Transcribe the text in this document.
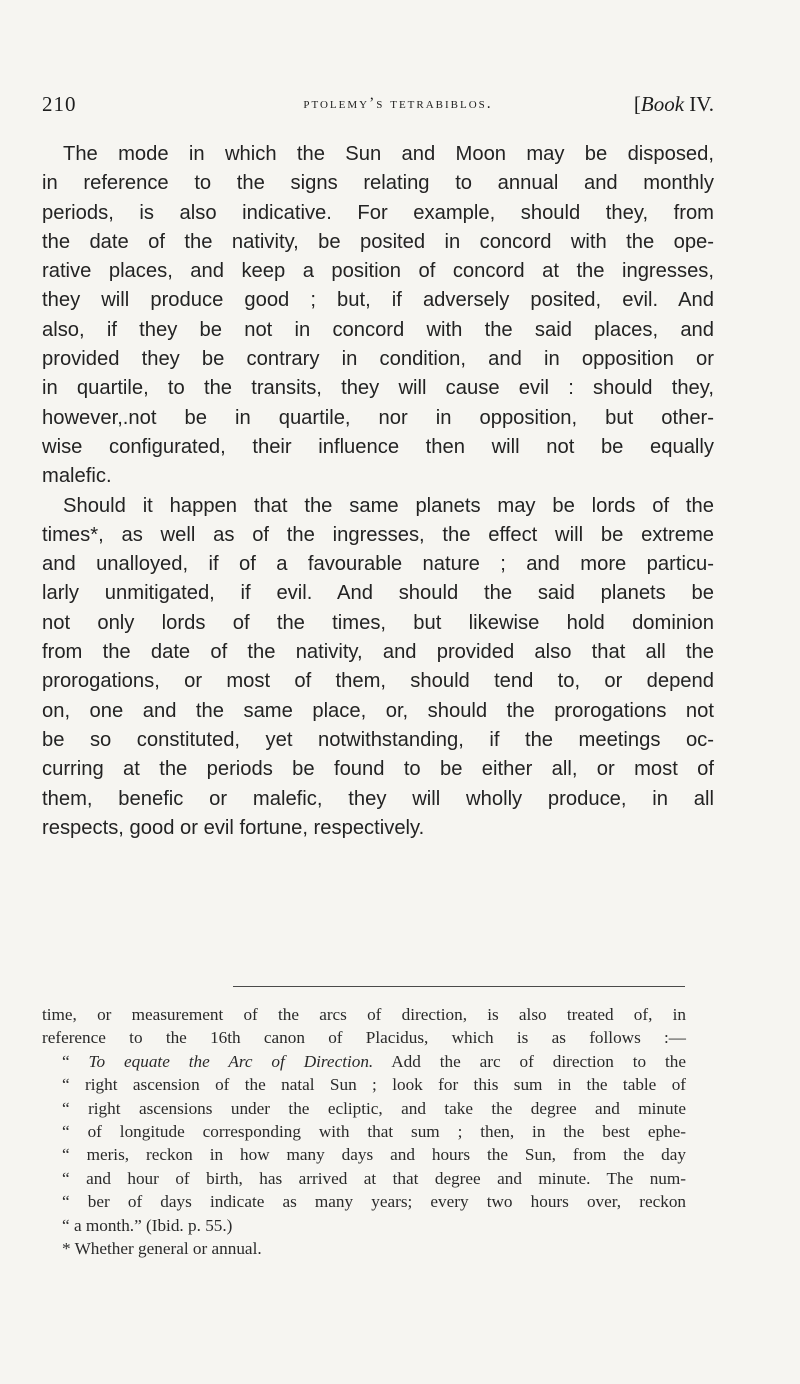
210	ptolemy’s tetrabiblos.	[Book IV.
The mode in which the Sun and Moon may be disposed,
in reference to the signs relating to annual and monthly
periods, is also indicative. For example, should they, from
the date of the nativity, be posited in concord with the ope-
rative places, and keep a position of concord at the ingresses,
they will produce good ; but, if adversely posited, evil. And
also, if they be not in concord with the said places, and
provided they be contrary in condition, and in opposition or
in quartile, to the transits, they will cause evil : should they,
however,.not be in quartile, nor in opposition, but other-
wise configurated, their influence then will not be equally
malefic.
Should it happen that the same planets may be lords of the
times*, as well as of the ingresses, the effect will be extreme
and unalloyed, if of a favourable nature ; and more particu-
larly unmitigated, if evil. And should the said planets be
not only lords of the times, but likewise hold dominion
from the date of the nativity, and provided also that all the
prorogations, or most of them, should tend to, or depend
on, one and the same place, or, should the prorogations not
be so constituted, yet notwithstanding, if the meetings oc-
curring at the periods be found to be either all, or most of
them, benefic or malefic, they will wholly produce, in all
respects, good or evil fortune, respectively.
time, or measurement of the arcs of direction, is also treated of, in
reference to the 16th canon of Placidus, which is as follows :—
“ To equate the Arc of Direction. Add the arc of direction to the
“ right ascension of the natal Sun ; look for this sum in the table of
“ right ascensions under the ecliptic, and take the degree and minute
“ of longitude corresponding with that sum ; then, in the best ephe-
“ meris, reckon in how many days and hours the Sun, from the day
“ and hour of birth, has arrived at that degree and minute. The num-
“ ber of days indicate as many years; every two hours over, reckon
“ a month.” (Ibid. p. 55.)
* Whether general or annual.
